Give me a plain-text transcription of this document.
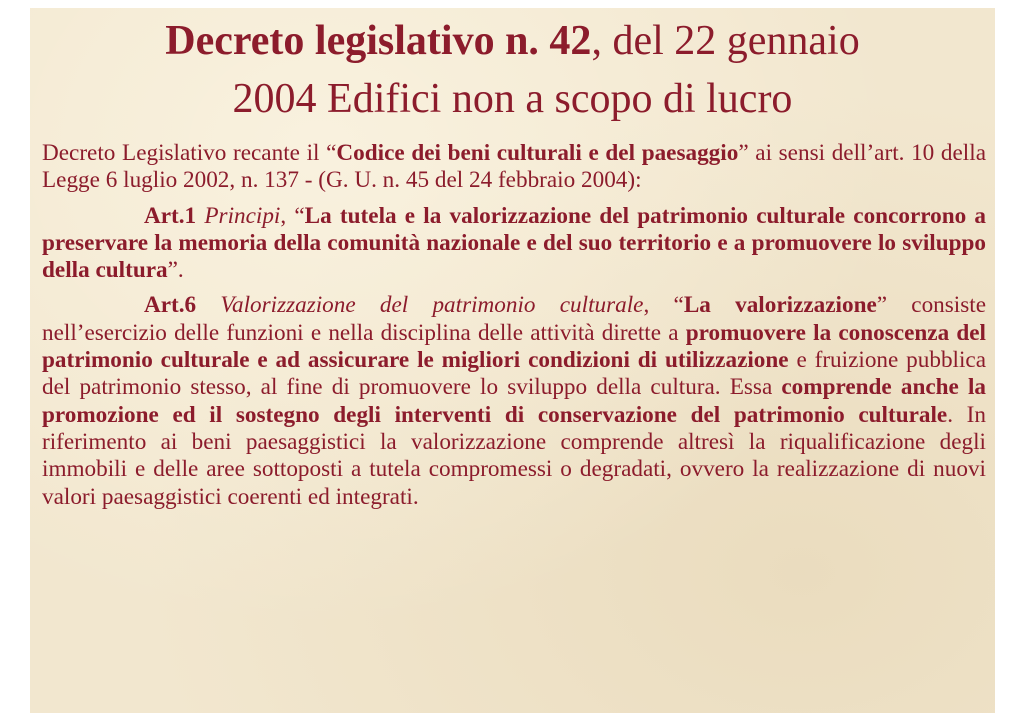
Decreto legislativo n. 42, del 22 gennaio
2004 Edifici non a scopo di lucro

Decreto Legislativo recante il “Codice dei beni culturali e del paesaggio” ai sensi dell’art. 10 della Legge 6 luglio 2002, n. 137 - (G. U. n. 45 del 24 febbraio 2004):

Art.1 Principi, “La tutela e la valorizzazione del patrimonio culturale concorrono a preservare la memoria della comunità nazionale e del suo territorio e a promuovere lo sviluppo della cultura”.

Art.6 Valorizzazione del patrimonio culturale, “La valorizzazione” consiste nell’esercizio delle funzioni e nella disciplina delle attività dirette a promuovere la conoscenza del patrimonio culturale e ad assicurare le migliori condizioni di utilizzazione e fruizione pubblica del patrimonio stesso, al fine di promuovere lo sviluppo della cultura. Essa comprende anche la promozione ed il sostegno degli interventi di conservazione del patrimonio culturale. In riferimento ai beni paesaggistici la valorizzazione comprende altresì la riqualificazione degli immobili e delle aree sottoposti a tutela compromessi o degradati, ovvero la realizzazione di nuovi valori paesaggistici coerenti ed integrati.
